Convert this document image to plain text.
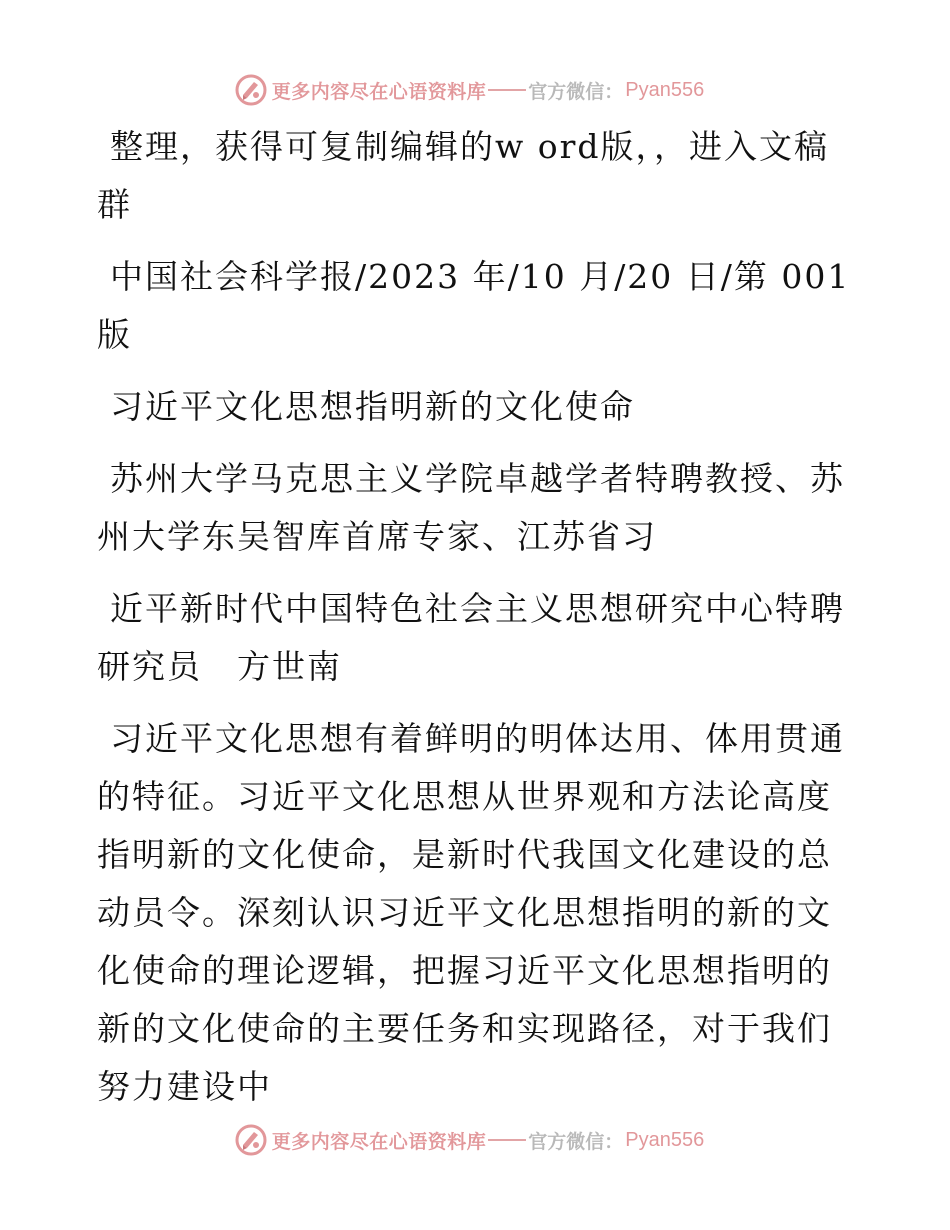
更多内容尽在心语资料库 官方微信： Pyan556

整理，获得可复制编辑的w ord版，，进入文稿群

中国社会科学报/2023 年/10 月/20 日/第 001 版

习近平文化思想指明新的文化使命

苏州大学马克思主义学院卓越学者特聘教授、苏州大学东吴智库首席专家、江苏省习

近平新时代中国特色社会主义思想研究中心特聘研究员　方世南

习近平文化思想有着鲜明的明体达用、体用贯通的特征。习近平文化思想从世界观和方法论高度指明新的文化使命，是新时代我国文化建设的总动员令。深刻认识习近平文化思想指明的新的文化使命的理论逻辑，把握习近平文化思想指明的新的文化使命的主要任务和实现路径，对于我们努力建设中

更多内容尽在心语资料库 官方微信： Pyan556
